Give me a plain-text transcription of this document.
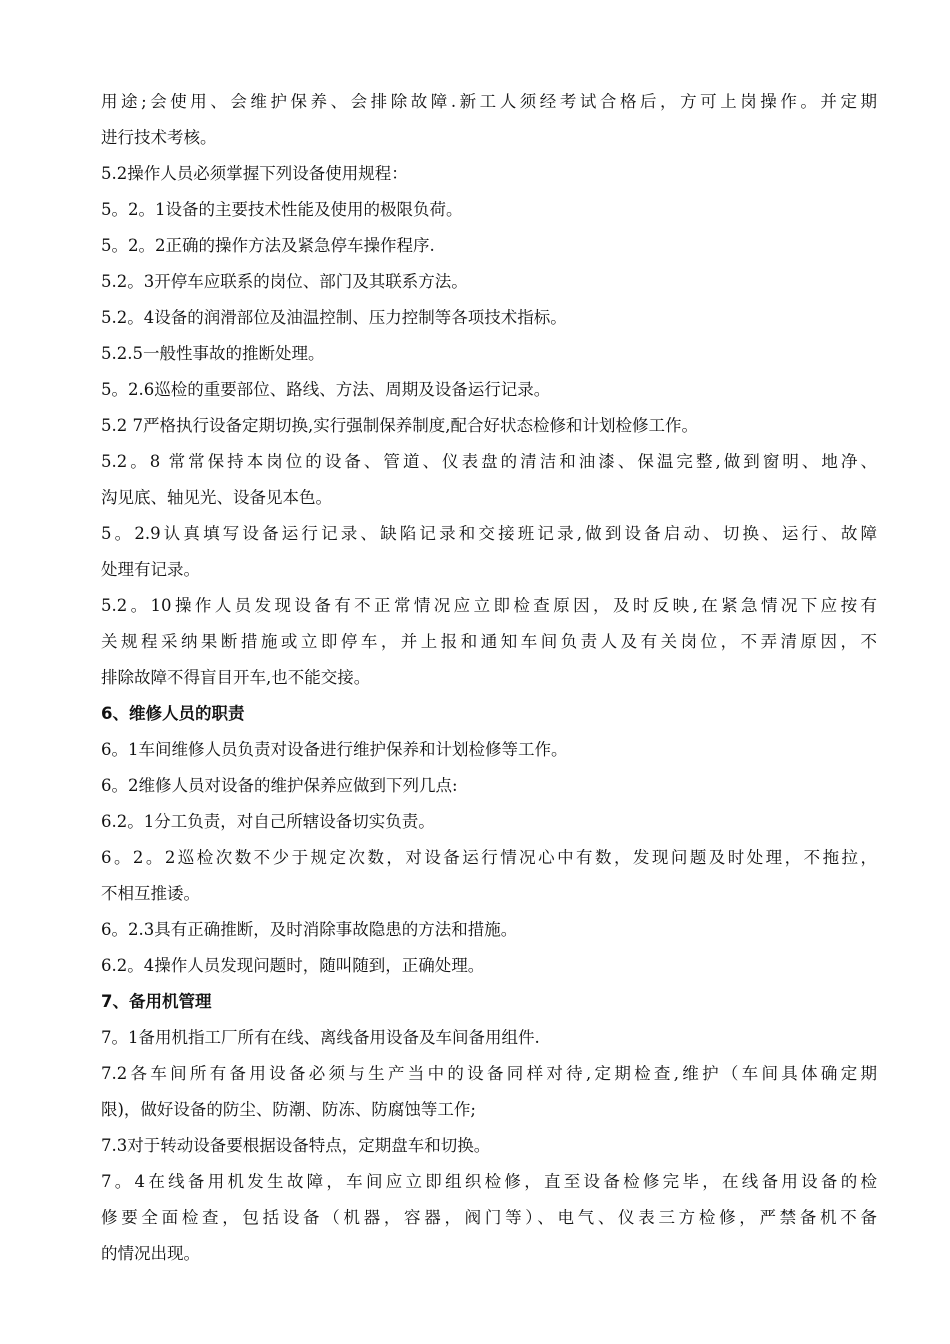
用途;会使用、会维护保养、会排除故障.新工人须经考试合格后，方可上岗操作。并定期
进行技术考核。
5.2操作人员必须掌握下列设备使用规程：
5。2。1设备的主要技术性能及使用的极限负荷。
5。2。2正确的操作方法及紧急停车操作程序.
5.2。3开停车应联系的岗位、部门及其联系方法。
5.2。4设备的润滑部位及油温控制、压力控制等各项技术指标。
5.2.5一般性事故的推断处理。
5。2.6巡检的重要部位、路线、方法、周期及设备运行记录。
5.2 7严格执行设备定期切换,实行强制保养制度,配合好状态检修和计划检修工作。
5.2。8 常常保持本岗位的设备、管道、仪表盘的清洁和油漆、保温完整,做到窗明、地净、
沟见底、轴见光、设备见本色。
5。2.9认真填写设备运行记录、缺陷记录和交接班记录,做到设备启动、切换、运行、故障
处理有记录。
5.2。10操作人员发现设备有不正常情况应立即检查原因，及时反映,在紧急情况下应按有
关规程采纳果断措施或立即停车，并上报和通知车间负责人及有关岗位，不弄清原因，不
排除故障不得盲目开车,也不能交接。
6、维修人员的职责
6。1车间维修人员负责对设备进行维护保养和计划检修等工作。
6。2维修人员对设备的维护保养应做到下列几点:
6.2。1分工负责，对自己所辖设备切实负责。
6。2。2巡检次数不少于规定次数，对设备运行情况心中有数，发现问题及时处理，不拖拉，
不相互推诿。
6。2.3具有正确推断，及时消除事故隐患的方法和措施。
6.2。4操作人员发现问题时，随叫随到，正确处理。
7、备用机管理
7。1备用机指工厂所有在线、离线备用设备及车间备用组件.
7.2各车间所有备用设备必须与生产当中的设备同样对待,定期检查,维护（车间具体确定期
限)，做好设备的防尘、防潮、防冻、防腐蚀等工作;
7.3对于转动设备要根据设备特点，定期盘车和切换。
7。4在线备用机发生故障，车间应立即组织检修，直至设备检修完毕，在线备用设备的检
修要全面检查，包括设备（机器，容器，阀门等）、电气、仪表三方检修，严禁备机不备
的情况出现。
